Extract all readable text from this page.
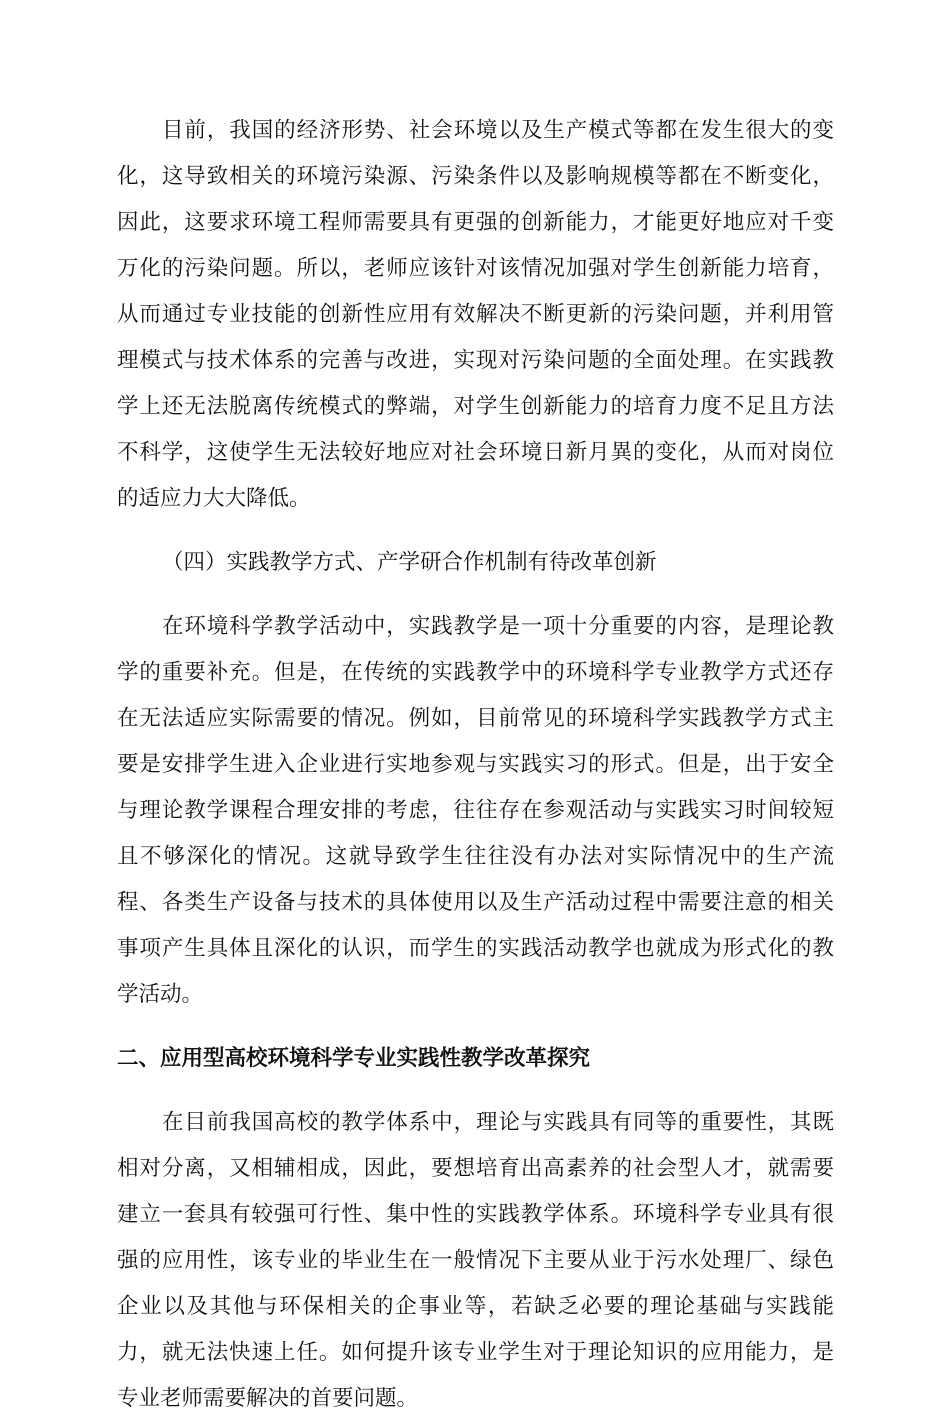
目前，我国的经济形势、社会环境以及生产模式等都在发生很大的变
化，这导致相关的环境污染源、污染条件以及影响规模等都在不断变化，
因此，这要求环境工程师需要具有更强的创新能力，才能更好地应对千变
万化的污染问题。所以，老师应该针对该情况加强对学生创新能力培育，
从而通过专业技能的创新性应用有效解决不断更新的污染问题，并利用管
理模式与技术体系的完善与改进，实现对污染问题的全面处理。在实践教
学上还无法脱离传统模式的弊端，对学生创新能力的培育力度不足且方法
不科学，这使学生无法较好地应对社会环境日新月異的变化，从而对岗位
的适应力大大降低。
（四）实践教学方式、产学研合作机制有待改革创新
在环境科学教学活动中，实践教学是一项十分重要的内容，是理论教
学的重要补充。但是，在传统的实践教学中的环境科学专业教学方式还存
在无法适应实际需要的情况。例如，目前常见的环境科学实践教学方式主
要是安排学生进入企业进行实地参观与实践实习的形式。但是，出于安全
与理论教学课程合理安排的考虑，往往存在参观活动与实践实习时间较短
且不够深化的情况。这就导致学生往往没有办法对实际情况中的生产流
程、各类生产设备与技术的具体使用以及生产活动过程中需要注意的相关
事项产生具体且深化的认识，而学生的实践活动教学也就成为形式化的教
学活动。
二、应用型高校环境科学专业实践性教学改革探究
在目前我国高校的教学体系中，理论与实践具有同等的重要性，其既
相对分离，又相辅相成，因此，要想培育出高素养的社会型人才，就需要
建立一套具有较强可行性、集中性的实践教学体系。环境科学专业具有很
强的应用性，该专业的毕业生在一般情况下主要从业于污水处理厂、绿色
企业以及其他与环保相关的企事业等，若缺乏必要的理论基础与实践能
力，就无法快速上任。如何提升该专业学生对于理论知识的应用能力，是
专业老师需要解决的首要问题。
